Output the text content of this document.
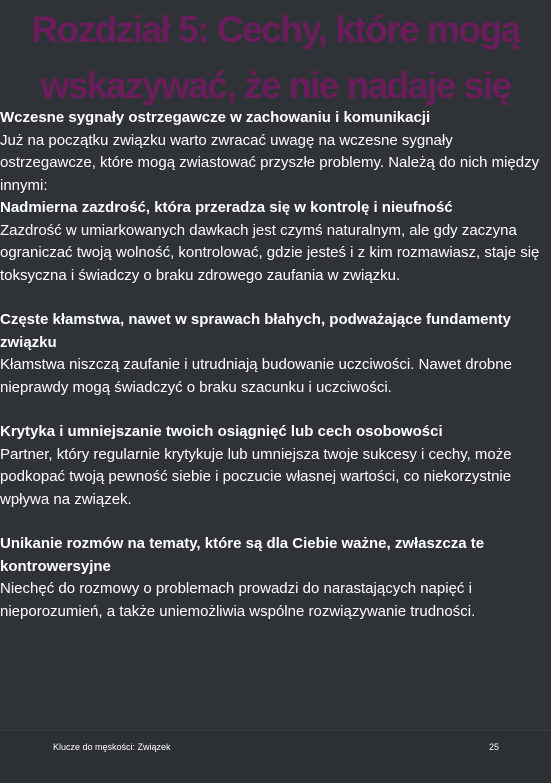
Rozdział 5: Cechy, które mogą wskazywać, że nie nadaje się

Wczesne sygnały ostrzegawcze w zachowaniu i komunikacji

Już na początku związku warto zwracać uwagę na wczesne sygnały ostrzegawcze, które mogą zwiastować przyszłe problemy. Należą do nich między innymi:

Nadmierna zazdrość, która przeradza się w kontrolę i nieufność

Zazdrość w umiarkowanych dawkach jest czymś naturalnym, ale gdy zaczyna ograniczać twoją wolność, kontrolować, gdzie jesteś i z kim rozmawiasz, staje się toksyczna i świadczy o braku zdrowego zaufania w związku.

Częste kłamstwa, nawet w sprawach błahych, podważające fundamenty związku

Kłamstwa niszczą zaufanie i utrudniają budowanie uczciwości. Nawet drobne nieprawdy mogą świadczyć o braku szacunku i uczciwości.

Krytyka i umniejszanie twoich osiągnięć lub cech osobowości

Partner, który regularnie krytykuje lub umniejsza twoje sukcesy i cechy, może podkopać twoją pewność siebie i poczucie własnej wartości, co niekorzystnie wpływa na związek.

Unikanie rozmów na tematy, które są dla Ciebie ważne, zwłaszcza te kontrowersyjne

Niechęć do rozmowy o problemach prowadzi do narastających napięć i nieporozumień, a także uniemożliwia wspólne rozwiązywanie trudności.

Klucze do męskości: Związek	25
